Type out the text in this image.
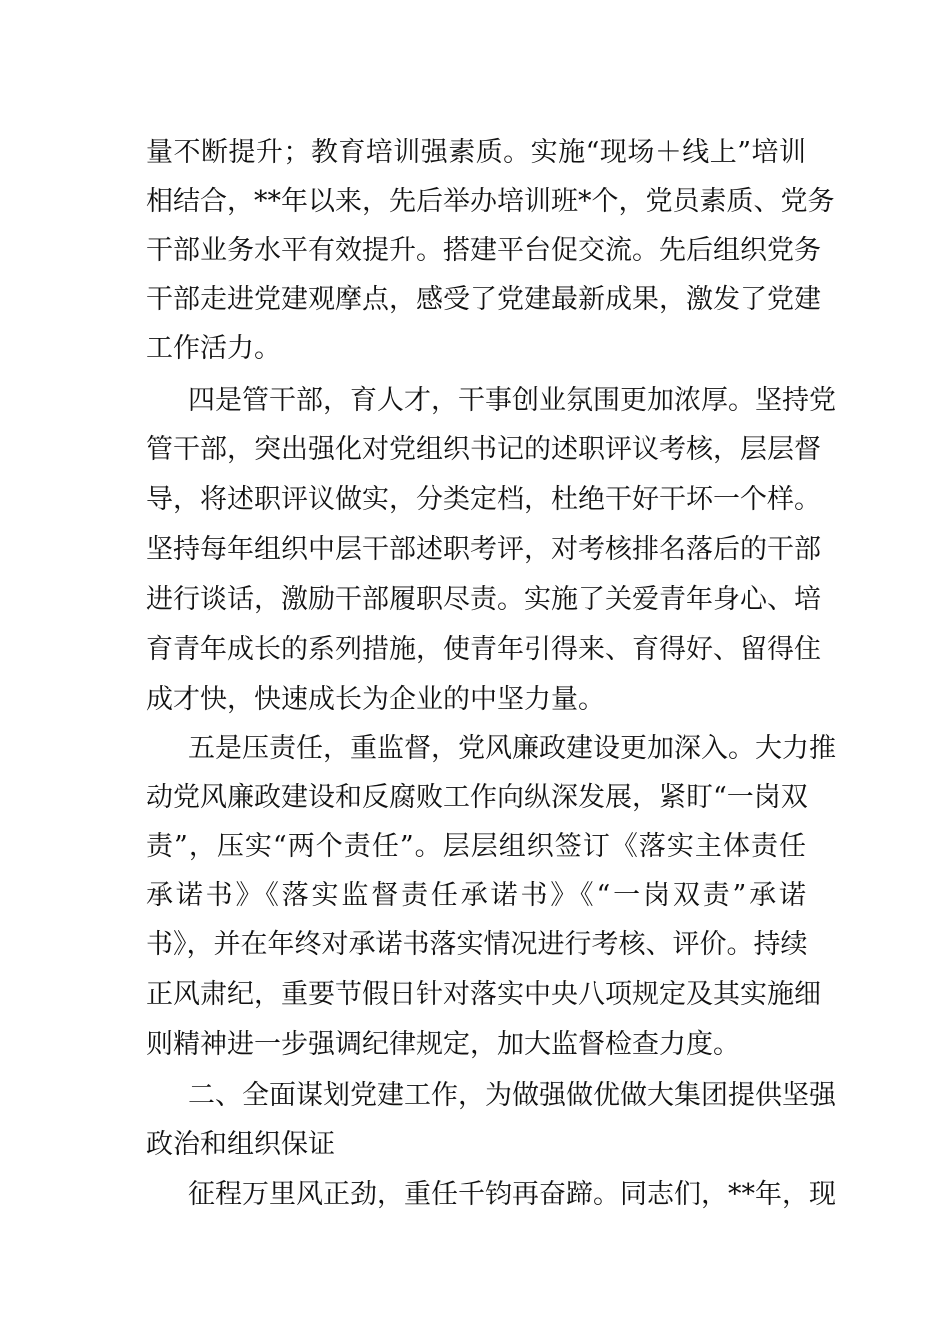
量不断提升；教育培训强素质。实施“现场＋线上”培训
相结合，**年以来，先后举办培训班*个，党员素质、党务
干部业务水平有效提升。搭建平台促交流。先后组织党务
干部走进党建观摩点，感受了党建最新成果，激发了党建
工作活力。
四是管干部，育人才，干事创业氛围更加浓厚。坚持党
管干部，突出强化对党组织书记的述职评议考核，层层督
导，将述职评议做实，分类定档，杜绝干好干坏一个样。
坚持每年组织中层干部述职考评，对考核排名落后的干部
进行谈话，激励干部履职尽责。实施了关爱青年身心、培
育青年成长的系列措施，使青年引得来、育得好、留得住
成才快，快速成长为企业的中坚力量。
五是压责任，重监督，党风廉政建设更加深入。大力推
动党风廉政建设和反腐败工作向纵深发展，紧盯“一岗双
责”，压实“两个责任”。层层组织签订《落实主体责任
承诺书》《落实监督责任承诺书》《“一岗双责”承诺
书》，并在年终对承诺书落实情况进行考核、评价。持续
正风肃纪，重要节假日针对落实中央八项规定及其实施细
则精神进一步强调纪律规定，加大监督检查力度。
二、全面谋划党建工作，为做强做优做大集团提供坚强
政治和组织保证
征程万里风正劲，重任千钧再奋蹄。同志们，**年，现
